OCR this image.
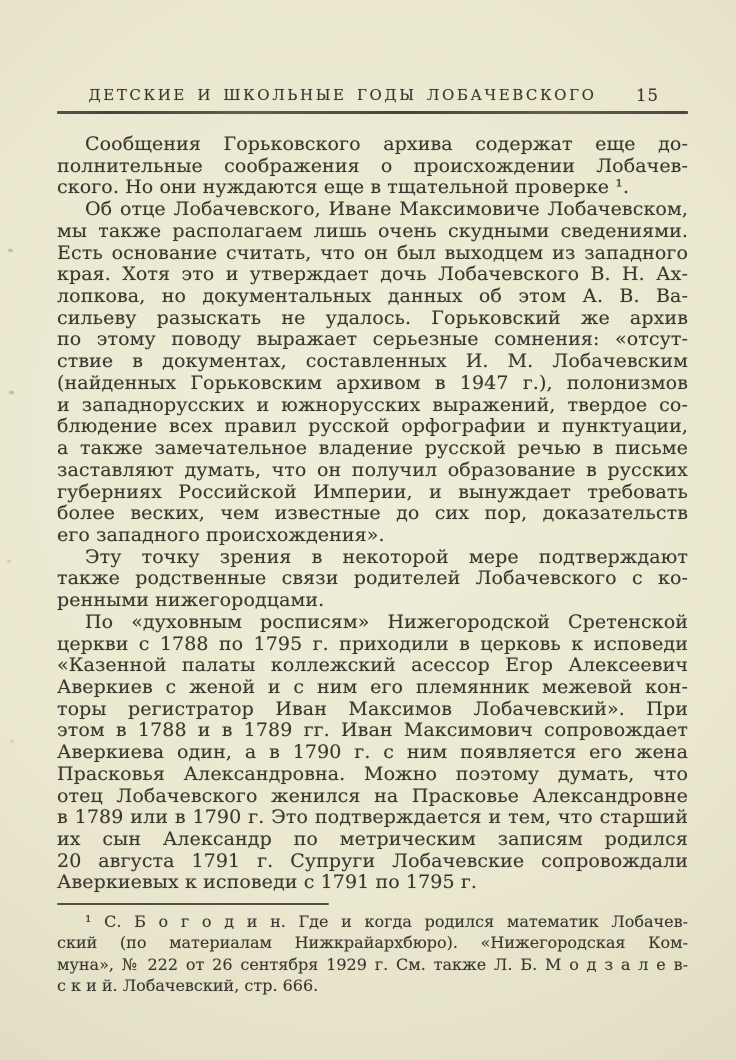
ДЕТСКИЕ И ШКОЛЬНЫЕ ГОДЫ ЛОБАЧЕВСКОГО	15
Сообщения Горьковского архива содержат еще до-
полнительные соображения о происхождении Лобачев-
ского. Но они нуждаются еще в тщательной проверке ¹.
Об отце Лобачевского, Иване Максимовиче Лобачевском,
мы также располагаем лишь очень скудными сведениями.
Есть основание считать, что он был выходцем из западного
края. Хотя это и утверждает дочь Лобачевского В. Н. Ах-
лопкова, но документальных данных об этом А. В. Ва-
сильеву разыскать не удалось. Горьковский же архив
по этому поводу выражает серьезные сомнения: «отсут-
ствие в документах, составленных И. М. Лобачевским
(найденных Горьковским архивом в 1947 г.), полонизмов
и западнорусских и южнорусских выражений, твердое со-
блюдение всех правил русской орфографии и пунктуации,
а также замечательное владение русской речью в письме
заставляют думать, что он получил образование в русских
губерниях Российской Империи, и вынуждает требовать
более веских, чем известные до сих пор, доказательств
его западного происхождения».
Эту точку зрения в некоторой мере подтверждают
также родственные связи родителей Лобачевского с ко-
ренными нижегородцами.
По «духовным росписям» Нижегородской Сретенской
церкви с 1788 по 1795 г. приходили в церковь к исповеди
«Казенной палаты коллежский асессор Егор Алексеевич
Аверкиев с женой и с ним его племянник межевой кон-
торы регистратор Иван Максимов Лобачевский». При
этом в 1788 и в 1789 гг. Иван Максимович сопровождает
Аверкиева один, а в 1790 г. с ним появляется его жена
Прасковья Александровна. Можно поэтому думать, что
отец Лобачевского женился на Прасковье Александровне
в 1789 или в 1790 г. Это подтверждается и тем, что старший
их сын Александр по метрическим записям родился
20 августа 1791 г. Супруги Лобачевские сопровождали
Аверкиевых к исповеди с 1791 по 1795 г.
¹ С. Б о г о д и н. Где и когда родился математик Лобачев-
ский (по материалам Нижкрайархбюро). «Нижегородская Ком-
муна», № 222 от 26 сентября 1929 г. См. также Л. Б. М о д з а л е в-
с к и й. Лобачевский, стр. 666.
